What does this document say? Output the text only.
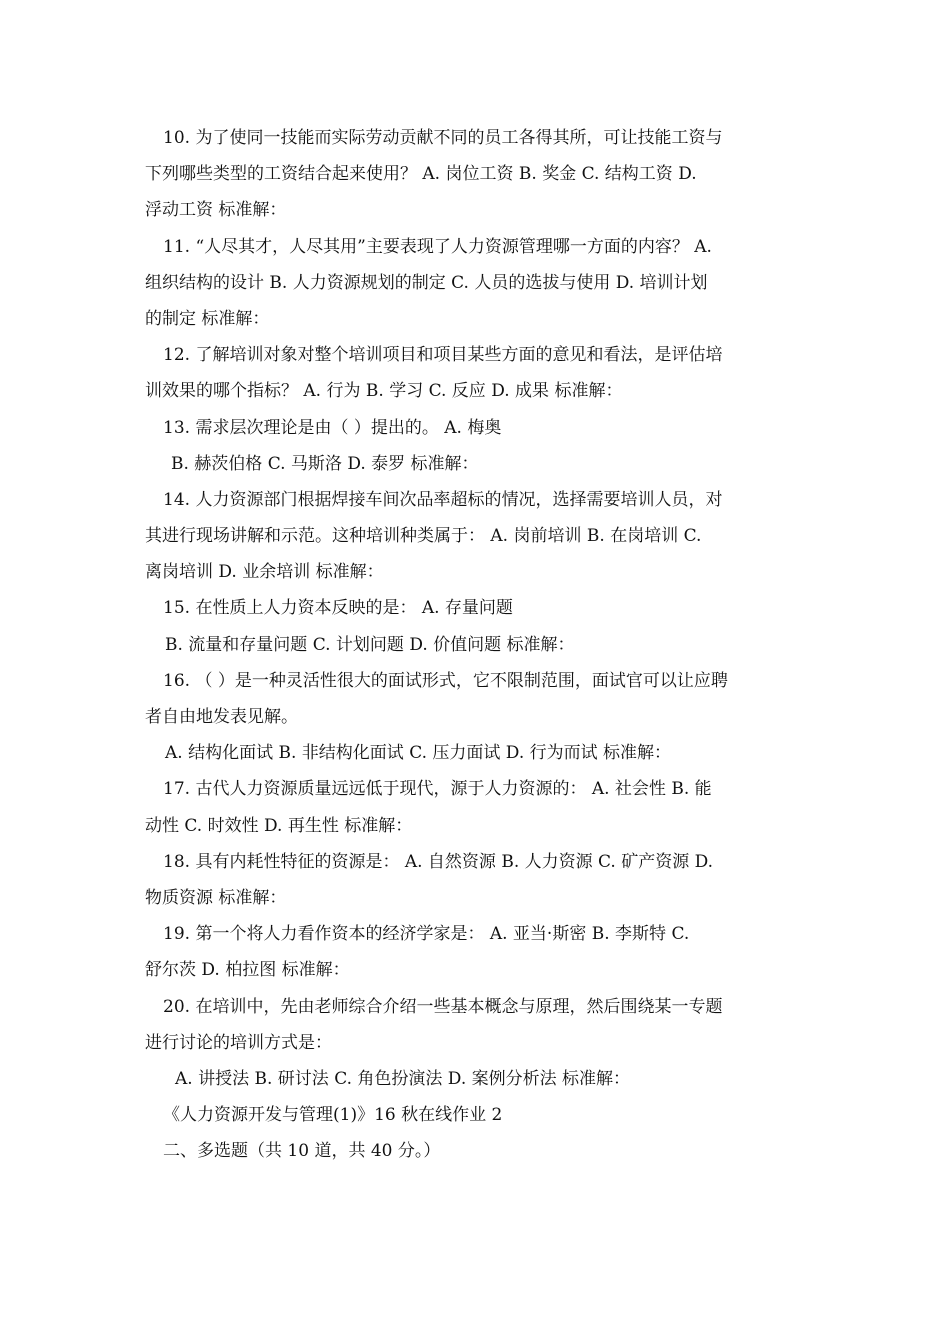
10. 为了使同一技能而实际劳动贡献不同的员工各得其所，可让技能工资与
下列哪些类型的工资结合起来使用？ A. 岗位工资 B. 奖金 C. 结构工资 D.
浮动工资 标准解：
11. “人尽其才，人尽其用”主要表现了人力资源管理哪一方面的内容？ A.
组织结构的设计 B. 人力资源规划的制定 C. 人员的选拔与使用 D. 培训计划
的制定 标准解：
12. 了解培训对象对整个培训项目和项目某些方面的意见和看法，是评估培
训效果的哪个指标？ A. 行为 B. 学习 C. 反应 D. 成果 标准解：
13. 需求层次理论是由（ ）提出的。 A. 梅奥
B. 赫茨伯格 C. 马斯洛 D. 泰罗 标准解：
14. 人力资源部门根据焊接车间次品率超标的情况，选择需要培训人员，对
其进行现场讲解和示范。这种培训种类属于： A. 岗前培训 B. 在岗培训 C.
离岗培训 D. 业余培训 标准解：
15. 在性质上人力资本反映的是： A. 存量问题
B. 流量和存量问题 C. 计划问题 D. 价值问题 标准解：
16. （ ）是一种灵活性很大的面试形式，它不限制范围，面试官可以让应聘
者自由地发表见解。
A. 结构化面试 B. 非结构化面试 C. 压力面试 D. 行为而试 标准解：
17. 古代人力资源质量远远低于现代，源于人力资源的： A. 社会性 B. 能
动性 C. 时效性 D. 再生性 标准解：
18. 具有内耗性特征的资源是： A. 自然资源 B. 人力资源 C. 矿产资源 D.
物质资源 标准解：
19. 第一个将人力看作资本的经济学家是： A. 亚当·斯密 B. 李斯特 C.
舒尔茨 D. 柏拉图 标准解：
20. 在培训中，先由老师综合介绍一些基本概念与原理，然后围绕某一专题
进行讨论的培训方式是：
A. 讲授法 B. 研讨法 C. 角色扮演法 D. 案例分析法 标准解：
《人力资源开发与管理(1)》16 秋在线作业 2
二、多选题（共 10 道，共 40 分。）
